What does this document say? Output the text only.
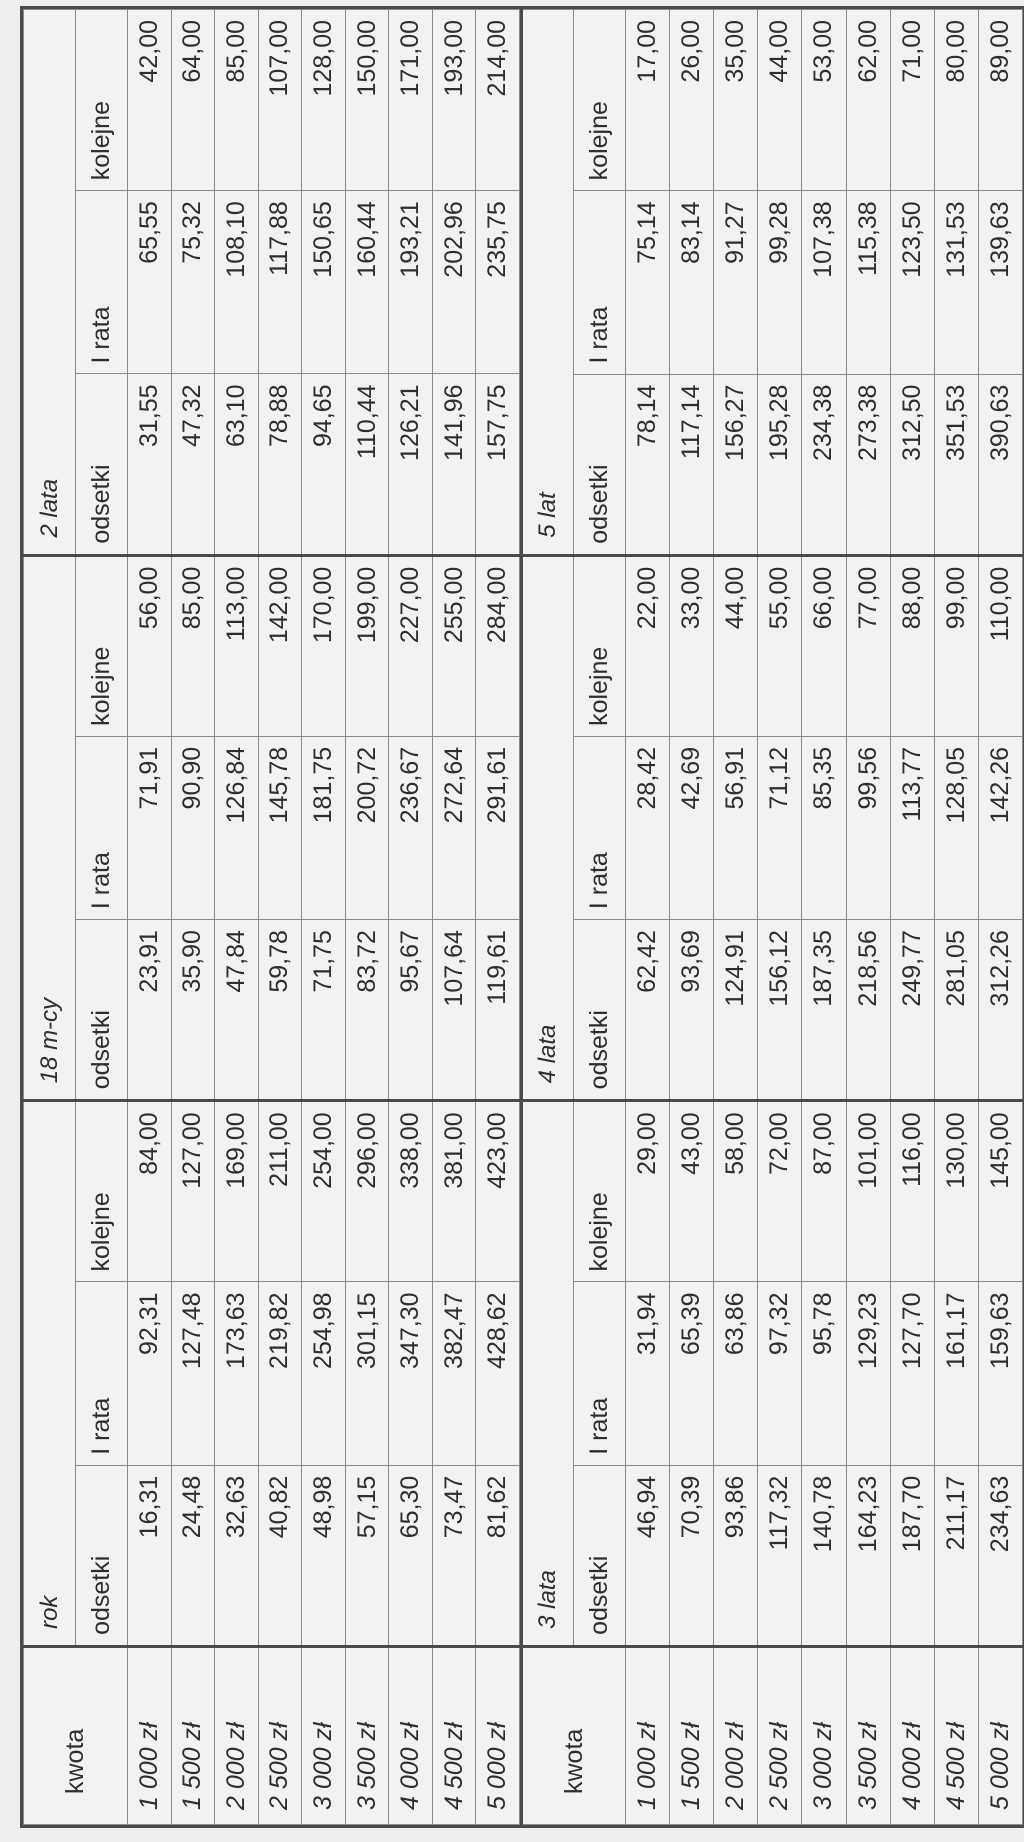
kwota	rok			18 m-cy			2 lata		
	odsetki	I rata	kolejne	odsetki	I rata	kolejne	odsetki	I rata	kolejne
1 000 zł	16,31	92,31	84,00	23,91	71,91	56,00	31,55	65,55	42,00
1 500 zł	24,48	127,48	127,00	35,90	90,90	85,00	47,32	75,32	64,00
2 000 zł	32,63	173,63	169,00	47,84	126,84	113,00	63,10	108,10	85,00
2 500 zł	40,82	219,82	211,00	59,78	145,78	142,00	78,88	117,88	107,00
3 000 zł	48,98	254,98	254,00	71,75	181,75	170,00	94,65	150,65	128,00
3 500 zł	57,15	301,15	296,00	83,72	200,72	199,00	110,44	160,44	150,00
4 000 zł	65,30	347,30	338,00	95,67	236,67	227,00	126,21	193,21	171,00
4 500 zł	73,47	382,47	381,00	107,64	272,64	255,00	141,96	202,96	193,00
5 000 zł	81,62	428,62	423,00	119,61	291,61	284,00	157,75	235,75	214,00
kwota	3 lata			4 lata			5 lat		
	odsetki	I rata	kolejne	odsetki	I rata	kolejne	odsetki	I rata	kolejne
1 000 zł	46,94	31,94	29,00	62,42	28,42	22,00	78,14	75,14	17,00
1 500 zł	70,39	65,39	43,00	93,69	42,69	33,00	117,14	83,14	26,00
2 000 zł	93,86	63,86	58,00	124,91	56,91	44,00	156,27	91,27	35,00
2 500 zł	117,32	97,32	72,00	156,12	71,12	55,00	195,28	99,28	44,00
3 000 zł	140,78	95,78	87,00	187,35	85,35	66,00	234,38	107,38	53,00
3 500 zł	164,23	129,23	101,00	218,56	99,56	77,00	273,38	115,38	62,00
4 000 zł	187,70	127,70	116,00	249,77	113,77	88,00	312,50	123,50	71,00
4 500 zł	211,17	161,17	130,00	281,05	128,05	99,00	351,53	131,53	80,00
5 000 zł	234,63	159,63	145,00	312,26	142,26	110,00	390,63	139,63	89,00
